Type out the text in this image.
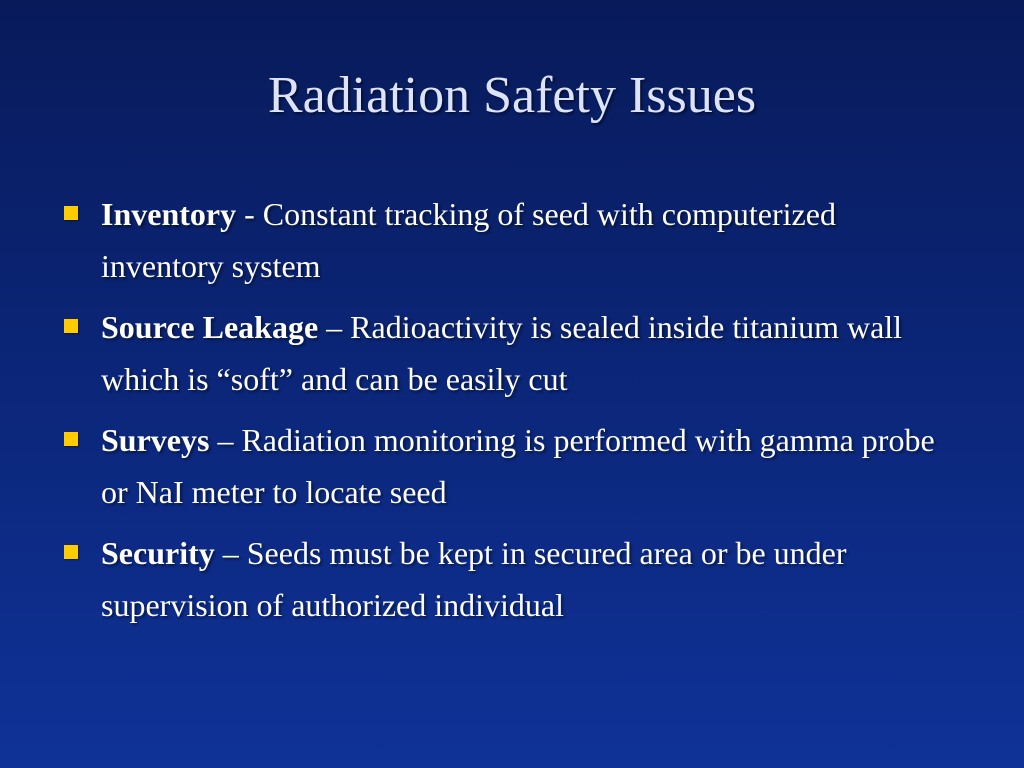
Radiation Safety Issues
Inventory - Constant tracking of seed with computerized inventory system
Source Leakage – Radioactivity is sealed inside titanium wall which is “soft” and can be easily cut
Surveys – Radiation monitoring is performed with gamma probe or NaI meter to locate seed
Security – Seeds must be kept in secured area or be under supervision of authorized individual
